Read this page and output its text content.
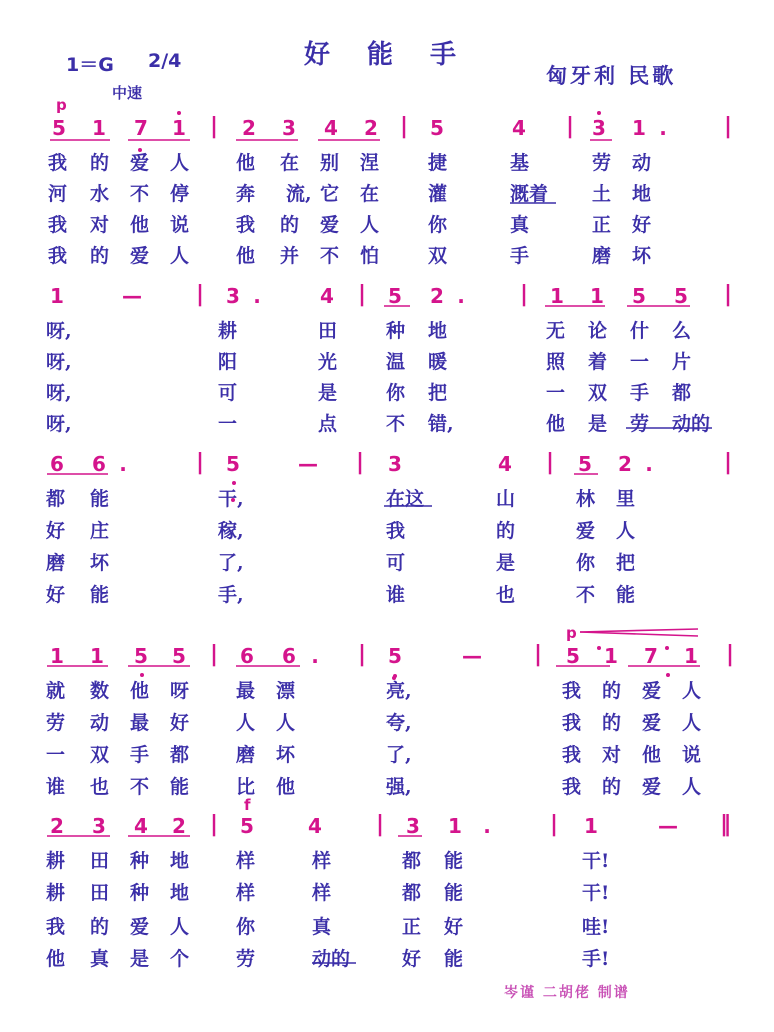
好 能 手
1＝G 2/4
中速
匈牙利 民歌
p
p
f
5 1 7 1 | 2 3 4 2 | 5	4 | 3 1 .	|
我 的 爱 人 他 在 别 涅	捷	基	劳 动
河 水 不 停 奔 流, 它 在	灌	溉着 土 地
我 对 他 说 我 的 爱 人	你	真	正 好
我 的 爱 人 他 并 不 怕	双	手	磨 坏
1	— | 3 .	4 | 5 2 .	| 1 1 5 5 |
呀,	耕	田	种 地	无 论 什 么
呀,	阳	光	温 暖	照 着 一 片
呀,	可	是	你 把	一 双 手 都
呀,	一	点	不 错,	他 是 劳 动的
6 6 .	| 5	— | 3	4 | 5 2 .	|
都 能	干,	在这	山	林 里
好 庄	稼,	我	的	爱 人
磨 坏	了,	可	是	你 把
好 能	手,	谁	也	不 能
1 1 5 5 | 6 6 . | 5	— | 5 1 7 1 |
就 数 他 呀 最 漂	亮,	我 的 爱 人
劳 动 最 好 人 人	夸,	我 的 爱 人
一 双 手 都 磨 坏	了,	我 对 他 说
谁 也 不 能 比 他	强,	我 的 爱 人
2 3 4 2 | 5	4 | 3 1 .	| 1	— ‖
耕 田 种 地 样	样	都 能	干!
耕 田 种 地 样	样	都 能	干!
我 的 爱 人 你	真	正 好	哇!
他 真 是 个 劳	动的	好 能	手!
岑谨 二胡佬 制谱
